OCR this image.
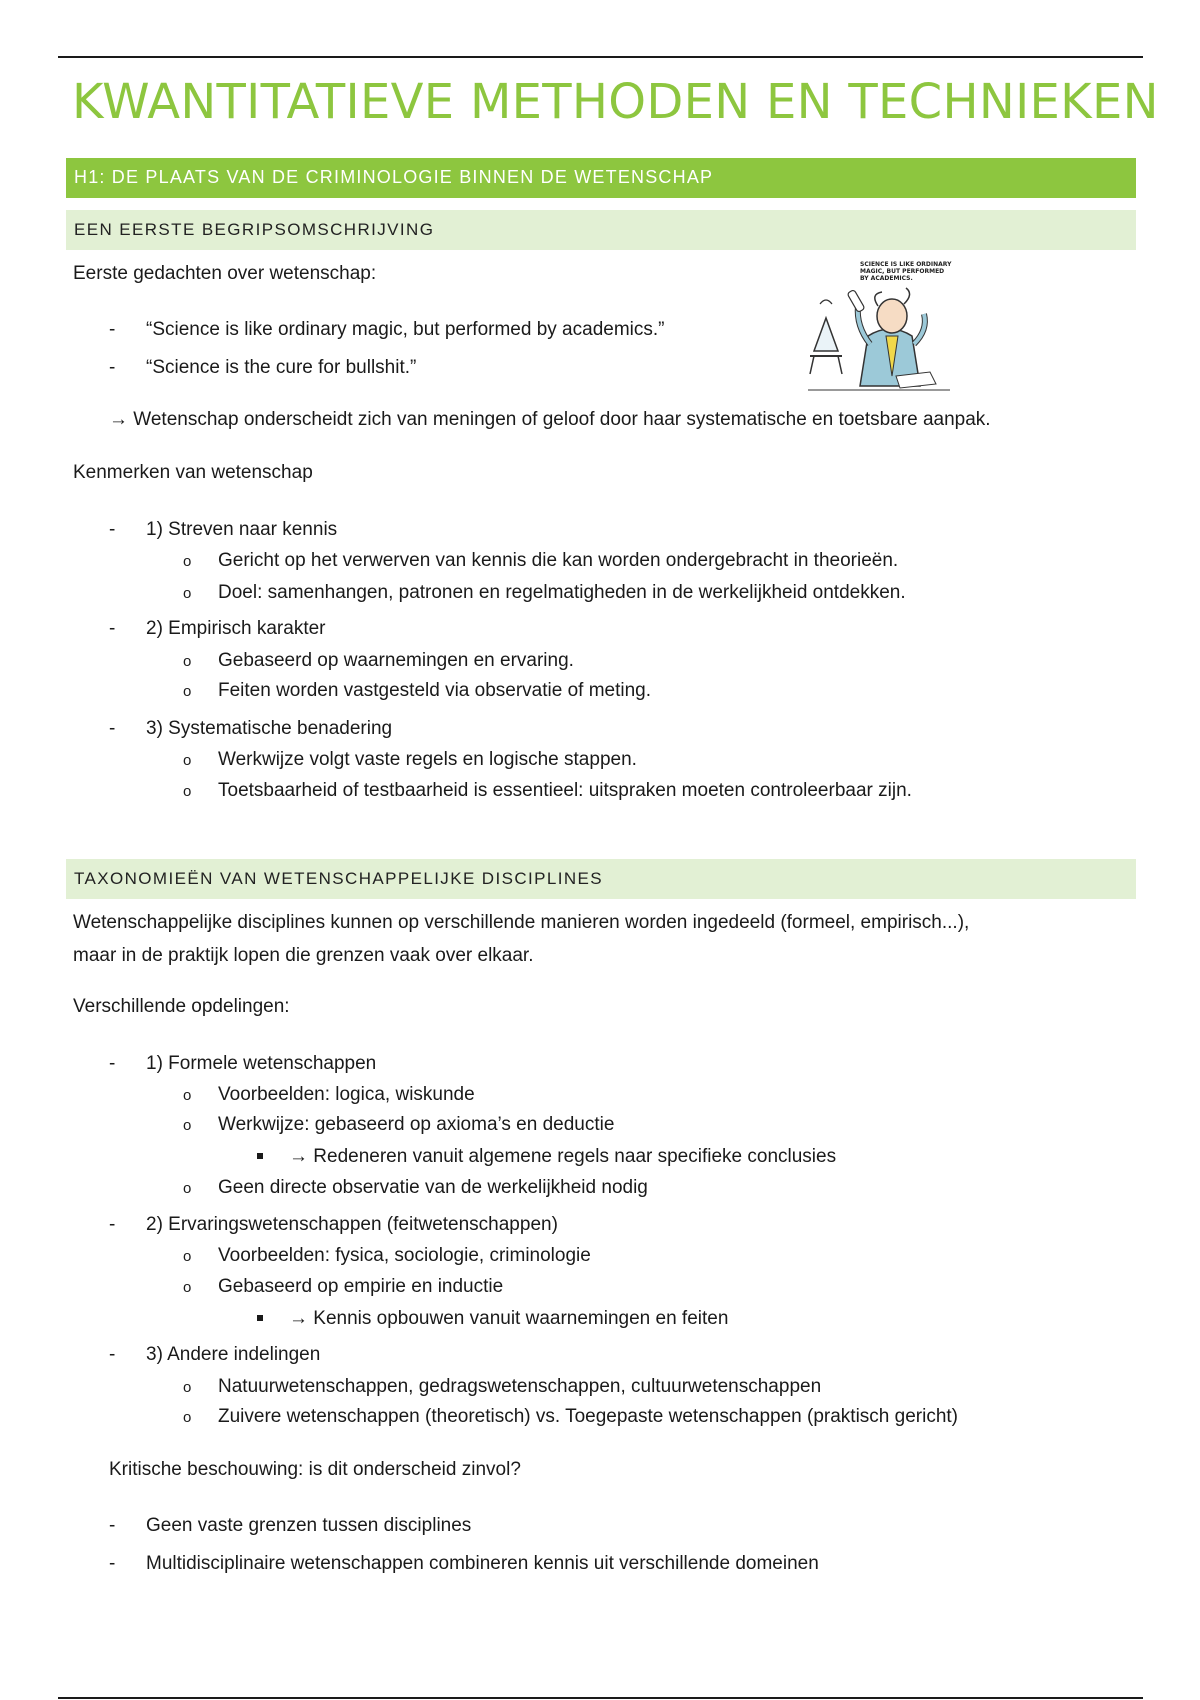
KWANTITATIEVE METHODEN EN TECHNIEKEN
H1: DE PLAATS VAN DE CRIMINOLOGIE BINNEN DE WETENSCHAP
EEN EERSTE BEGRIPSOMSCHRIJVING
Eerste gedachten over wetenschap:
- “Science is like ordinary magic, but performed by academics.”
- “Science is the cure for bullshit.”
SCIENCE IS LIKE ORDINARY
MAGIC, BUT PERFORMED
BY ACADEMICS.
→ Wetenschap onderscheidt zich van meningen of geloof door haar systematische en toetsbare aanpak.
Kenmerken van wetenschap
- 1) Streven naar kennis
o Gericht op het verwerven van kennis die kan worden ondergebracht in theorieën.
o Doel: samenhangen, patronen en regelmatigheden in de werkelijkheid ontdekken.
- 2) Empirisch karakter
o Gebaseerd op waarnemingen en ervaring.
o Feiten worden vastgesteld via observatie of meting.
- 3) Systematische benadering
o Werkwijze volgt vaste regels en logische stappen.
o Toetsbaarheid of testbaarheid is essentieel: uitspraken moeten controleerbaar zijn.
TAXONOMIEËN VAN WETENSCHAPPELIJKE DISCIPLINES
Wetenschappelijke disciplines kunnen op verschillende manieren worden ingedeeld (formeel, empirisch...),
maar in de praktijk lopen die grenzen vaak over elkaar.
Verschillende opdelingen:
- 1) Formele wetenschappen
o Voorbeelden: logica, wiskunde
o Werkwijze: gebaseerd op axioma’s en deductie
→ Redeneren vanuit algemene regels naar specifieke conclusies
o Geen directe observatie van de werkelijkheid nodig
- 2) Ervaringswetenschappen (feitwetenschappen)
o Voorbeelden: fysica, sociologie, criminologie
o Gebaseerd op empirie en inductie
→ Kennis opbouwen vanuit waarnemingen en feiten
- 3) Andere indelingen
o Natuurwetenschappen, gedragswetenschappen, cultuurwetenschappen
o Zuivere wetenschappen (theoretisch) vs. Toegepaste wetenschappen (praktisch gericht)
Kritische beschouwing: is dit onderscheid zinvol?
- Geen vaste grenzen tussen disciplines
- Multidisciplinaire wetenschappen combineren kennis uit verschillende domeinen
